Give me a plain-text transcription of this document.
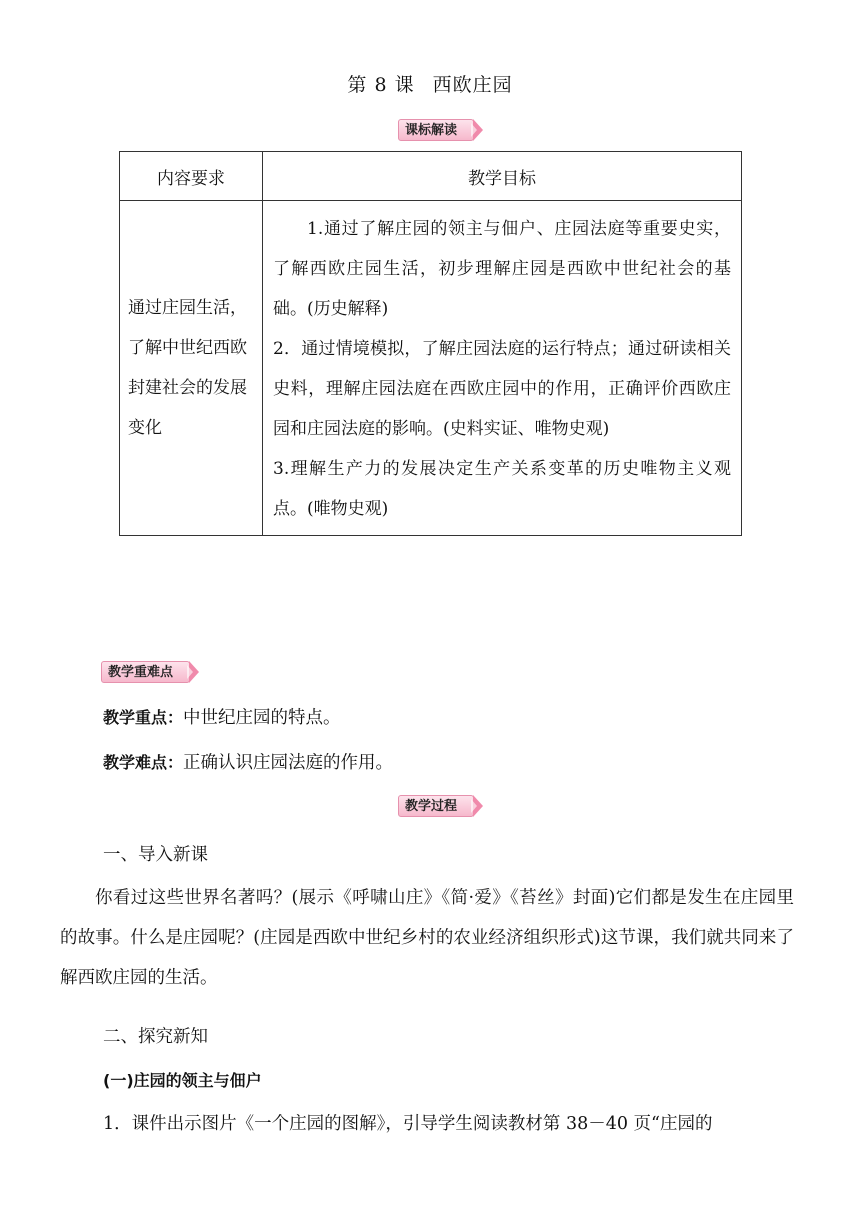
第 8 课 西欧庄园
课标解读
内容要求	教学目标
通过庄园生活，了解中世纪西欧封建社会的发展变化	1.通过了解庄园的领主与佃户、庄园法庭等重要史实，了解西欧庄园生活，初步理解庄园是西欧中世纪社会的基础。(历史解释)

2．通过情境模拟，了解庄园法庭的运行特点；通过研读相关史料，理解庄园法庭在西欧庄园中的作用，正确评价西欧庄园和庄园法庭的影响。(史料实证、唯物史观)

3.理解生产力的发展决定生产关系变革的历史唯物主义观点。(唯物史观)

教学重难点

教学重点：中世纪庄园的特点。

教学难点：正确认识庄园法庭的作用。

教学过程

一、导入新课

你看过这些世界名著吗？(展示《呼啸山庄》《简·爱》《苔丝》封面)它们都是发生在庄园里的故事。什么是庄园呢？(庄园是西欧中世纪乡村的农业经济组织形式)这节课，我们就共同来了解西欧庄园的生活。

二、探究新知

(一)庄园的领主与佃户

1．课件出示图片《一个庄园的图解》，引导学生阅读教材第 38－40 页“庄园的
